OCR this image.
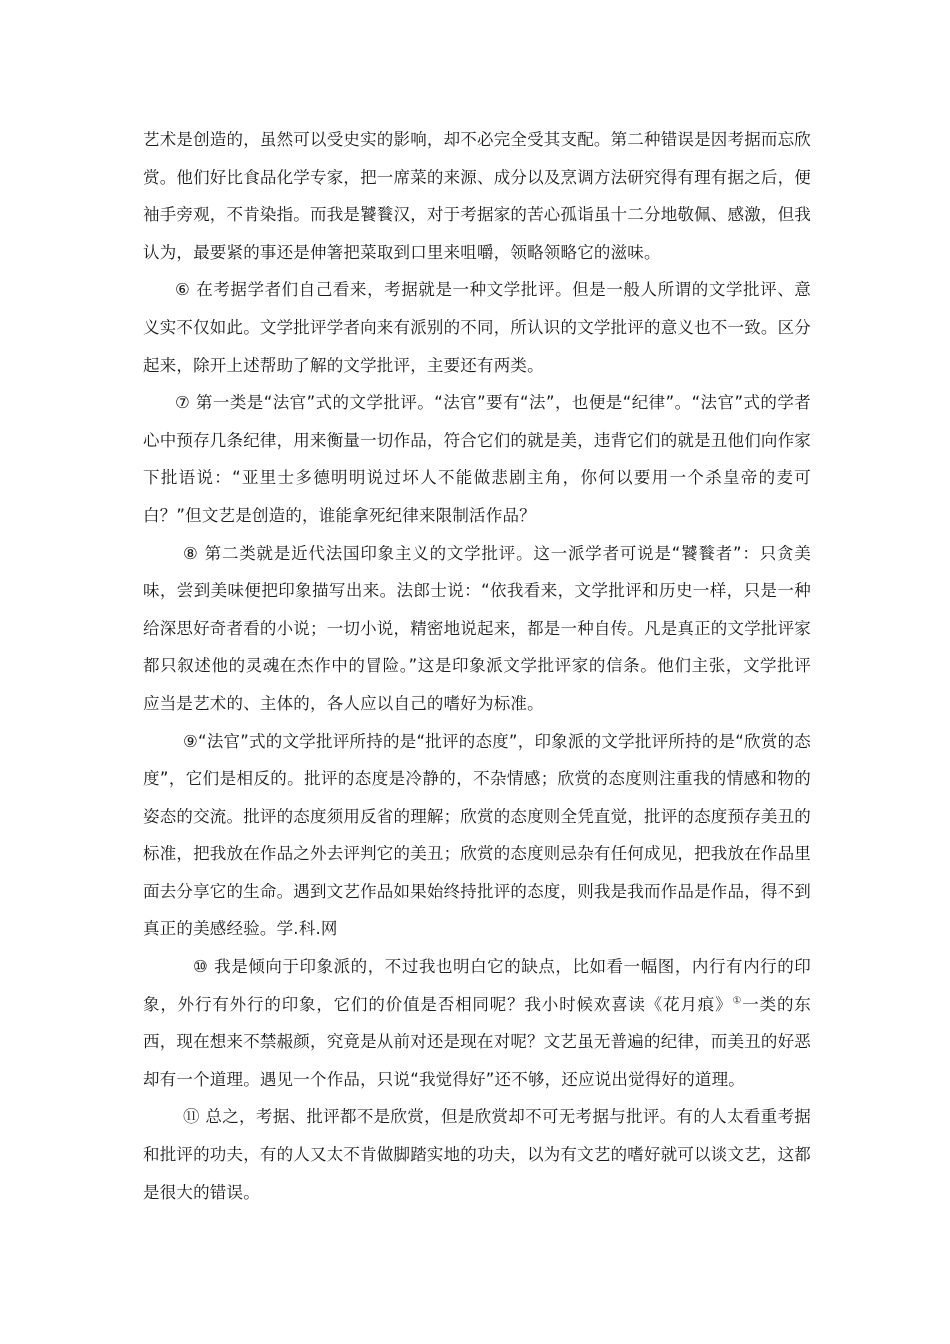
艺术是创造的，虽然可以受史实的影响，却不必完全受其支配。第二种错误是因考据而忘欣赏。他们好比食品化学专家，把一席菜的来源、成分以及烹调方法研究得有理有据之后，便袖手旁观，不肯染指。而我是饕餮汉，对于考据家的苦心孤诣虽十二分地敬佩、感激，但我认为，最要紧的事还是伸箸把菜取到口里来咀嚼，领略领略它的滋味。

⑥ 在考据学者们自己看来，考据就是一种文学批评。但是一般人所谓的文学批评、意义实不仅如此。文学批评学者向来有派别的不同，所认识的文学批评的意义也不一致。区分起来，除开上述帮助了解的文学批评，主要还有两类。

⑦ 第一类是“法官”式的文学批评。“法官”要有“法”，也便是“纪律”。“法官”式的学者心中预存几条纪律，用来衡量一切作品，符合它们的就是美，违背它们的就是丑他们向作家下批语说：“亚里士多德明明说过坏人不能做悲剧主角，你何以要用一个杀皇帝的麦可白？”但文艺是创造的，谁能拿死纪律来限制活作品？

⑧ 第二类就是近代法国印象主义的文学批评。这一派学者可说是“饕餮者”：只贪美味，尝到美味便把印象描写出来。法郎士说：“依我看来，文学批评和历史一样，只是一种给深思好奇者看的小说；一切小说，精密地说起来，都是一种自传。凡是真正的文学批评家都只叙述他的灵魂在杰作中的冒险。”这是印象派文学批评家的信条。他们主张，文学批评应当是艺术的、主体的，各人应以自己的嗜好为标准。

⑨“法官”式的文学批评所持的是“批评的态度”，印象派的文学批评所持的是“欣赏的态度”，它们是相反的。批评的态度是冷静的，不杂情感；欣赏的态度则注重我的情感和物的姿态的交流。批评的态度须用反省的理解；欣赏的态度则全凭直觉，批评的态度预存美丑的标准，把我放在作品之外去评判它的美丑；欣赏的态度则忌杂有任何成见，把我放在作品里面去分享它的生命。遇到文艺作品如果始终持批评的态度，则我是我而作品是作品，得不到真正的美感经验。学.科.网

⑩ 我是倾向于印象派的，不过我也明白它的缺点，比如看一幅图，内行有内行的印象，外行有外行的印象，它们的价值是否相同呢？我小时候欢喜读《花月痕》①一类的东西，现在想来不禁赧颜，究竟是从前对还是现在对呢？文艺虽无普遍的纪律，而美丑的好恶却有一个道理。遇见一个作品，只说“我觉得好”还不够，还应说出觉得好的道理。

⑪ 总之，考据、批评都不是欣赏，但是欣赏却不可无考据与批评。有的人太看重考据和批评的功夫，有的人又太不肯做脚踏实地的功夫，以为有文艺的嗜好就可以谈文艺，这都是很大的错误。
